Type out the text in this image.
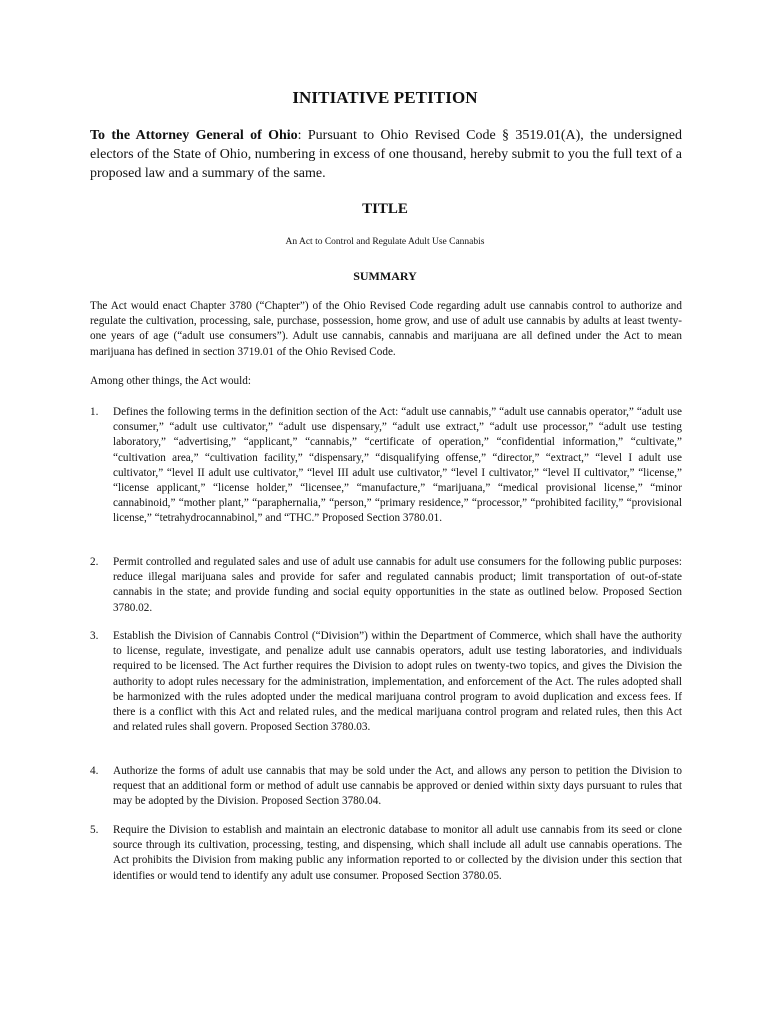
INITIATIVE PETITION
To the Attorney General of Ohio: Pursuant to Ohio Revised Code § 3519.01(A), the undersigned electors of the State of Ohio, numbering in excess of one thousand, hereby submit to you the full text of a proposed law and a summary of the same.
TITLE
An Act to Control and Regulate Adult Use Cannabis
SUMMARY
The Act would enact Chapter 3780 (“Chapter”) of the Ohio Revised Code regarding adult use cannabis control to authorize and regulate the cultivation, processing, sale, purchase, possession, home grow, and use of adult use cannabis by adults at least twenty-one years of age (“adult use consumers”). Adult use cannabis, cannabis and marijuana are all defined under the Act to mean marijuana has defined in section 3719.01 of the Ohio Revised Code.
Among other things, the Act would:
1.	Defines the following terms in the definition section of the Act: “adult use cannabis,” “adult use cannabis operator,” “adult use consumer,” “adult use cultivator,” “adult use dispensary,” “adult use extract,” “adult use processor,” “adult use testing laboratory,” “advertising,” “applicant,” “cannabis,” “certificate of operation,” “confidential information,” “cultivate,” “cultivation area,” “cultivation facility,” “dispensary,” “disqualifying offense,” “director,” “extract,” “level I adult use cultivator,” “level II adult use cultivator,” “level III adult use cultivator,” “level I cultivator,” “level II cultivator,” “license,” “license applicant,” “license holder,” “licensee,” “manufacture,” “marijuana,” “medical provisional license,” “minor cannabinoid,” “mother plant,” “paraphernalia,” “person,” “primary residence,” “processor,” “prohibited facility,” “provisional license,” “tetrahydrocannabinol,” and “THC.” Proposed Section 3780.01.
2.	Permit controlled and regulated sales and use of adult use cannabis for adult use consumers for the following public purposes: reduce illegal marijuana sales and provide for safer and regulated cannabis product; limit transportation of out-of-state cannabis in the state; and provide funding and social equity opportunities in the state as outlined below. Proposed Section 3780.02.
3.	Establish the Division of Cannabis Control (“Division”) within the Department of Commerce, which shall have the authority to license, regulate, investigate, and penalize adult use cannabis operators, adult use testing laboratories, and individuals required to be licensed. The Act further requires the Division to adopt rules on twenty-two topics, and gives the Division the authority to adopt rules necessary for the administration, implementation, and enforcement of the Act. The rules adopted shall be harmonized with the rules adopted under the medical marijuana control program to avoid duplication and excess fees. If there is a conflict with this Act and related rules, and the medical marijuana control program and related rules, then this Act and related rules shall govern. Proposed Section 3780.03.
4.	Authorize the forms of adult use cannabis that may be sold under the Act, and allows any person to petition the Division to request that an additional form or method of adult use cannabis be approved or denied within sixty days pursuant to rules that may be adopted by the Division. Proposed Section 3780.04.
5.	Require the Division to establish and maintain an electronic database to monitor all adult use cannabis from its seed or clone source through its cultivation, processing, testing, and dispensing, which shall include all adult use cannabis operations. The Act prohibits the Division from making public any information reported to or collected by the division under this section that identifies or would tend to identify any adult use consumer. Proposed Section 3780.05.
